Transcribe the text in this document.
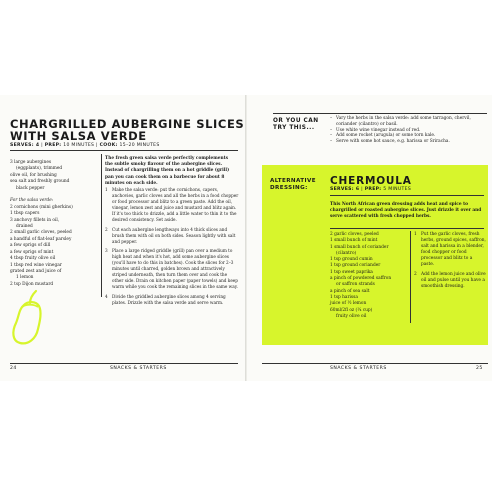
CHARGRILLED AUBERGINE SLICES
WITH SALSA VERDE
SERVES: 4 | PREP: 10 MINUTES | COOK: 15–20 MINUTES
3 large aubergines
(eggplants), trimmed
olive oil, for brushing
sea salt and freshly ground
black pepper

For the salsa verde:
2 cornichons (mini gherkins)
1 tbsp capers
3 anchovy fillets in oil,
drained
2 small garlic cloves, peeled
a handful of flat-leaf parsley
a few sprigs of dill
a few sprigs of mint
4 tbsp fruity olive oil
1 tbsp red wine vinegar
grated zest and juice of
1 lemon
2 tsp Dijon mustard
The fresh green salsa verde perfectly complements the subtle smoky flavour of the aubergine slices. Instead of chargrilling them on a hot griddle (grill) pan you can cook them on a barbecue for about 8 minutes on each side.
1	Make the salsa verde: put the cornichons, capers, anchovies, garlic cloves and all the herbs in a food chopper or food processor and blitz to a green paste. Add the oil, vinegar, lemon zest and juice and mustard and blitz again. If it's too thick to drizzle, add a little water to thin it to the desired consistency. Set aside.
2	Cut each aubergine lengthways into 4 thick slices and brush them with oil on both sides. Season lightly with salt and pepper.
3	Place a large ridged griddle (grill) pan over a medium to high heat and when it's hot, add some aubergine slices (you'll have to do this in batches). Cook the slices for 2–3 minutes until charred, golden brown and attractively striped underneath, then turn them over and cook the other side. Drain on kitchen paper (paper towels) and keep warm while you cook the remaining slices in the same way.
4	Divide the griddled aubergine slices among 4 serving plates. Drizzle with the salsa verde and serve warm.
24	SNACKS & STARTERS
OR YOU CAN
TRY THIS...
– Vary the herbs in the salsa verde: add some tarragon, chervil, coriander (cilantro) or basil.
– Use white wine vinegar instead of red.
– Add some rocket (arugula) or some torn kale.
– Serve with some hot sauce, e.g. harissa or Sriracha.
ALTERNATIVE
DRESSING:
CHERMOULA
SERVES: 6 | PREP: 5 MINUTES
This North African green dressing adds heat and spice to chargrilled or roasted aubergine slices. Just drizzle it over and serve scattered with fresh chopped herbs.
2 garlic cloves, peeled
1 small bunch of mint
1 small bunch of coriander
(cilantro)
1 tsp ground cumin
1 tsp ground coriander
1 tsp sweet paprika
a pinch of powdered saffron
or saffron strands
a pinch of sea salt
1 tsp harissa
juice of ½ lemon
60ml/2fl oz (¼ cup)
fruity olive oil
1 Put the garlic cloves, fresh herbs, ground spices, saffron, salt and harissa in a blender, food chopper or food processor and blitz to a paste.
2 Add the lemon juice and olive oil and pulse until you have a smoothish dressing.
SNACKS & STARTERS	25
